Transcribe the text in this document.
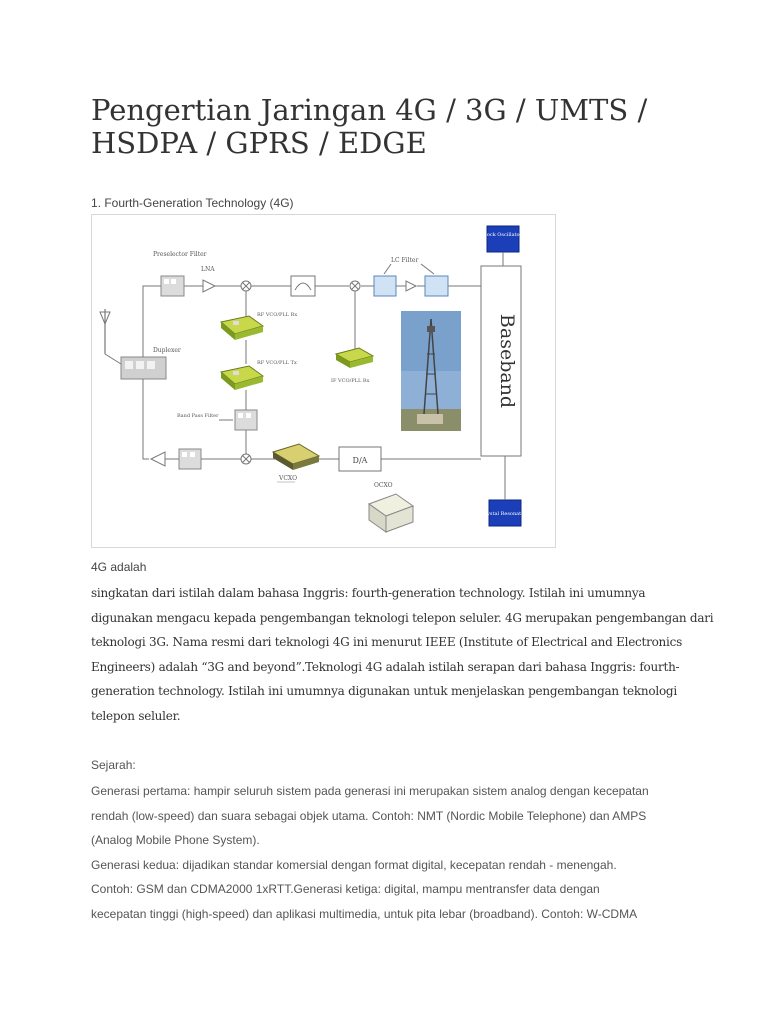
Pengertian Jaringan 4G / 3G / UMTS / HSDPA / GPRS / EDGE

1. Fourth-Generation Technology (4G)

Duplexer
Preselector Filter
LNA
LC Filter
Baseband
Clock Oscillators
Crystal Resonators
RF VCO/PLL Rx
RF VCO/PLL Tx
IF VCO/PLL Rx
Band Pass Filter
VCXO
D/A
OCXO

4G adalah

singkatan dari istilah dalam bahasa Inggris: fourth-generation technology. Istilah ini umumnya
digunakan mengacu kepada pengembangan teknologi telepon seluler. 4G merupakan pengembangan dari
teknologi 3G. Nama resmi dari teknologi 4G ini menurut IEEE (Institute of Electrical and Electronics
Engineers) adalah “3G and beyond”.Teknologi 4G adalah istilah serapan dari bahasa Inggris: fourth-
generation technology. Istilah ini umumnya digunakan untuk menjelaskan pengembangan teknologi
telepon seluler.

Sejarah:

Generasi pertama: hampir seluruh sistem pada generasi ini merupakan sistem analog dengan kecepatan
rendah (low-speed) dan suara sebagai objek utama. Contoh: NMT (Nordic Mobile Telephone) dan AMPS
(Analog Mobile Phone System).
Generasi kedua: dijadikan standar komersial dengan format digital, kecepatan rendah - menengah.
Contoh: GSM dan CDMA2000 1xRTT.Generasi ketiga: digital, mampu mentransfer data dengan
kecepatan tinggi (high-speed) dan aplikasi multimedia, untuk pita lebar (broadband). Contoh: W-CDMA
